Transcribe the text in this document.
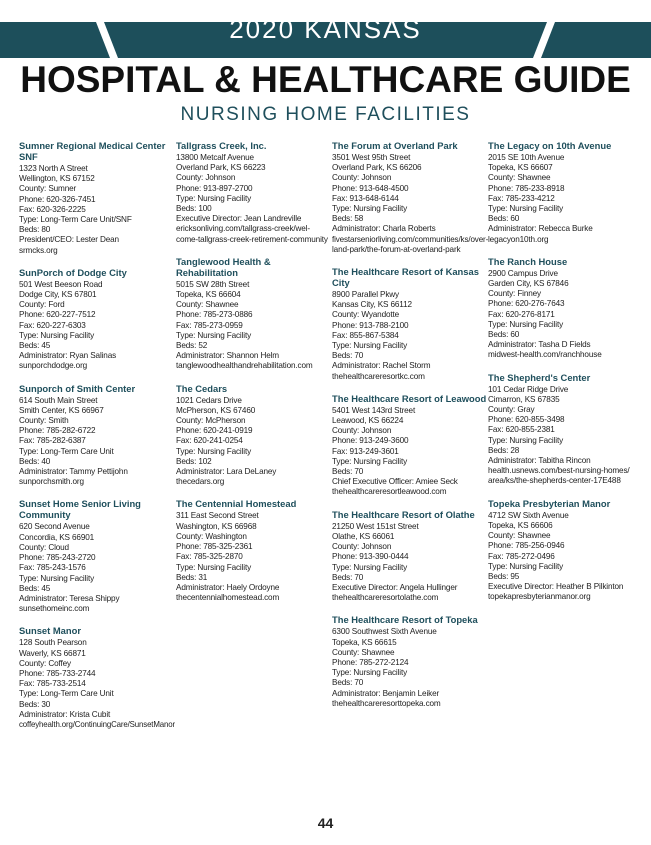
2020 KANSAS
HOSPITAL & HEALTHCARE GUIDE
NURSING HOME FACILITIES
Sumner Regional Medical Center SNF
1323 North A Street
Wellington, KS 67152
County: Sumner
Phone: 620-326-7451
Fax: 620-326-2225
Type: Long-Term Care Unit/SNF
Beds: 80
President/CEO: Lester Dean
srmcks.org
SunPorch of Dodge City
501 West Beeson Road
Dodge City, KS 67801
County: Ford
Phone: 620-227-7512
Fax: 620-227-6303
Type: Nursing Facility
Beds: 45
Administrator: Ryan Salinas
sunporchdodge.org
Sunporch of Smith Center
614 South Main Street
Smith Center, KS 66967
County: Smith
Phone: 785-282-6722
Fax: 785-282-6387
Type: Long-Term Care Unit
Beds: 40
Administrator: Tammy Pettijohn
sunporchsmith.org
Sunset Home Senior Living Community
620 Second Avenue
Concordia, KS 66901
County: Cloud
Phone: 785-243-2720
Fax: 785-243-1576
Type: Nursing Facility
Beds: 45
Administrator: Teresa Shippy
sunsethomeinc.com
Sunset Manor
128 South Pearson
Waverly, KS 66871
County: Coffey
Phone: 785-733-2744
Fax: 785-733-2514
Type: Long-Term Care Unit
Beds: 30
Administrator: Krista Cubit
coffeyhealth.org/ContinuingCare/SunsetManor
Tallgrass Creek, Inc.
13800 Metcalf Avenue
Overland Park, KS 66223
County: Johnson
Phone: 913-897-2700
Type: Nursing Facility
Beds: 100
Executive Director: Jean Landreville
ericksonliving.com/tallgrass-creek/wel-
come-tallgrass-creek-retirement-community
Tanglewood Health & Rehabilitation
5015 SW 28th Street
Topeka, KS 66604
County: Shawnee
Phone: 785-273-0886
Fax: 785-273-0959
Type: Nursing Facility
Beds: 52
Administrator: Shannon Helm
tanglewoodhealthandrehabilitation.com
The Cedars
1021 Cedars Drive
McPherson, KS 67460
County: McPherson
Phone: 620-241-0919
Fax: 620-241-0254
Type: Nursing Facility
Beds: 102
Administrator: Lara DeLaney
thecedars.org
The Centennial Homestead
311 East Second Street
Washington, KS 66968
County: Washington
Phone: 785-325-2361
Fax: 785-325-2870
Type: Nursing Facility
Beds: 31
Administrator: Haely Ordoyne
thecentennialhomestead.com
The Forum at Overland Park
3501 West 95th Street
Overland Park, KS 66206
County: Johnson
Phone: 913-648-4500
Fax: 913-648-6144
Type: Nursing Facility
Beds: 58
Administrator: Charla Roberts
fivestarseniorliving.com/communities/ks/over-
land-park/the-forum-at-overland-park
The Healthcare Resort of Kansas City
8900 Parallel Pkwy
Kansas City, KS 66112
County: Wyandotte
Phone: 913-788-2100
Fax: 855-867-5384
Type: Nursing Facility
Beds: 70
Administrator: Rachel Storm
thehealthcareresortkc.com
The Healthcare Resort of Leawood
5401 West 143rd Street
Leawood, KS 66224
County: Johnson
Phone: 913-249-3600
Fax: 913-249-3601
Type: Nursing Facility
Beds: 70
Chief Executive Officer: Amiee Seck
thehealthcareresortleawood.com
The Healthcare Resort of Olathe
21250 West 151st Street
Olathe, KS 66061
County: Johnson
Phone: 913-390-0444
Type: Nursing Facility
Beds: 70
Executive Director: Angela Hullinger
thehealthcareresortolathe.com
The Healthcare Resort of Topeka
6300 Southwest Sixth Avenue
Topeka, KS 66615
County: Shawnee
Phone: 785-272-2124
Type: Nursing Facility
Beds: 70
Administrator: Benjamin Leiker
thehealthcareresorttopeka.com
The Legacy on 10th Avenue
2015 SE 10th Avenue
Topeka, KS 66607
County: Shawnee
Phone: 785-233-8918
Fax: 785-233-4212
Type: Nursing Facility
Beds: 60
Administrator: Rebecca Burke
legacyon10th.org
The Ranch House
2900 Campus Drive
Garden City, KS 67846
County: Finney
Phone: 620-276-7643
Fax: 620-276-8171
Type: Nursing Facility
Beds: 60
Administrator: Tasha D Fields
midwest-health.com/ranchhouse
The Shepherd's Center
101 Cedar Ridge Drive
Cimarron, KS 67835
County: Gray
Phone: 620-855-3498
Fax: 620-855-2381
Type: Nursing Facility
Beds: 28
Administrator: Tabitha Rincon
health.usnews.com/best-nursing-homes/
area/ks/the-shepherds-center-17E488
Topeka Presbyterian Manor
4712 SW Sixth Avenue
Topeka, KS 66606
County: Shawnee
Phone: 785-256-0946
Fax: 785-272-0496
Type: Nursing Facility
Beds: 95
Executive Director: Heather B Pilkinton
topekapresbyterianmanor.org
44
